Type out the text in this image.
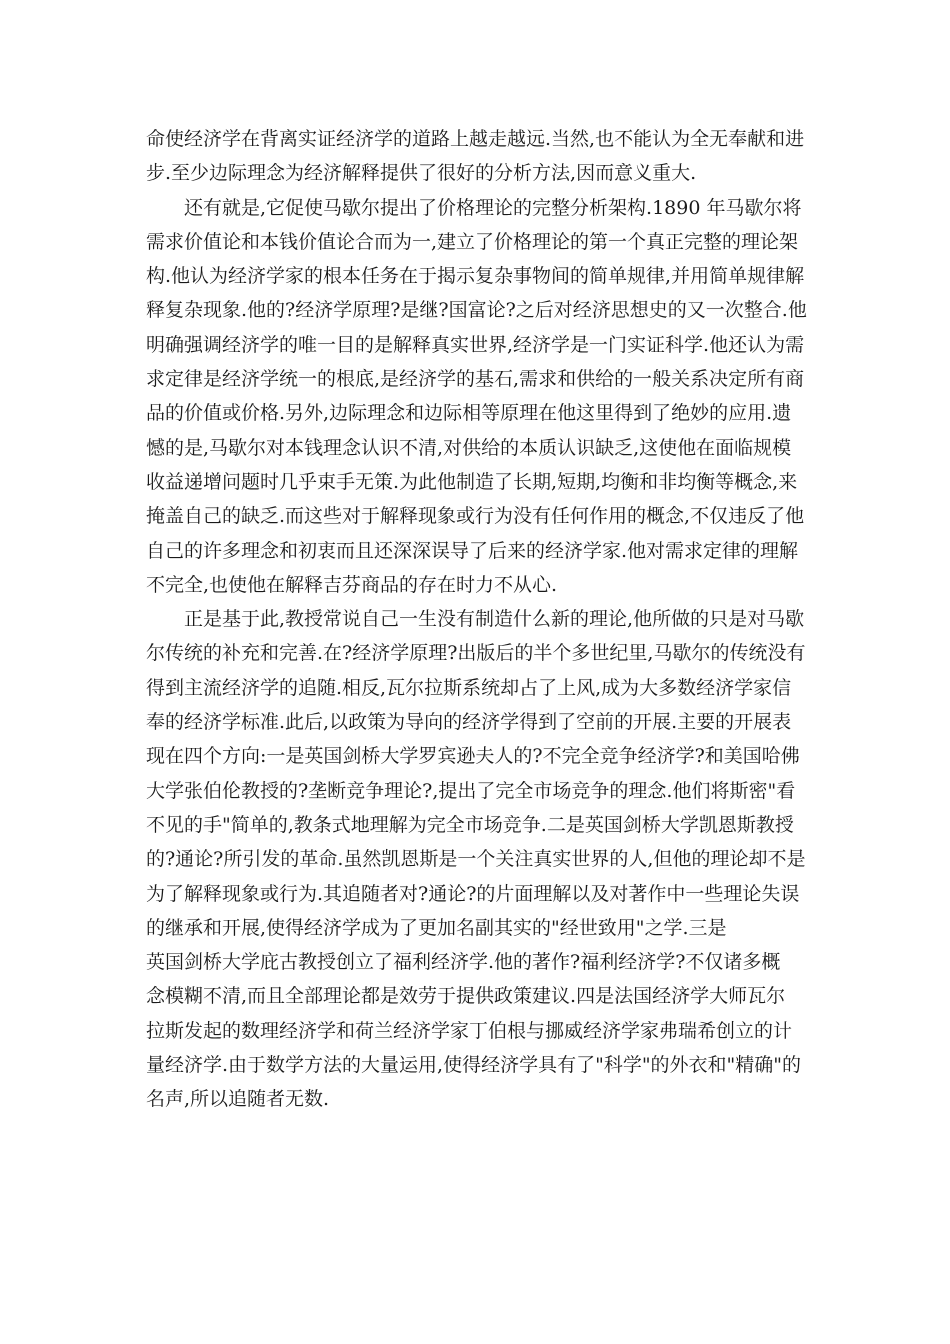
命使经济学在背离实证经济学的道路上越走越远.当然,也不能认为全无奉献和进
步.至少边际理念为经济解释提供了很好的分析方法,因而意义重大.
还有就是,它促使马歇尔提出了价格理论的完整分析架构.1890 年马歇尔将
需求价值论和本钱价值论合而为一,建立了价格理论的第一个真正完整的理论架
构.他认为经济学家的根本任务在于揭示复杂事物间的简单规律,并用简单规律解
释复杂现象.他的?经济学原理?是继?国富论?之后对经济思想史的又一次整合.他
明确强调经济学的唯一目的是解释真实世界,经济学是一门实证科学.他还认为需
求定律是经济学统一的根底,是经济学的基石,需求和供给的一般关系决定所有商
品的价值或价格.另外,边际理念和边际相等原理在他这里得到了绝妙的应用.遗
憾的是,马歇尔对本钱理念认识不清,对供给的本质认识缺乏,这使他在面临规模
收益递增问题时几乎束手无策.为此他制造了长期,短期,均衡和非均衡等概念,来
掩盖自己的缺乏.而这些对于解释现象或行为没有任何作用的概念,不仅违反了他
自己的许多理念和初衷而且还深深误导了后来的经济学家.他对需求定律的理解
不完全,也使他在解释吉芬商品的存在时力不从心.
正是基于此,教授常说自己一生没有制造什么新的理论,他所做的只是对马歇
尔传统的补充和完善.在?经济学原理?出版后的半个多世纪里,马歇尔的传统没有
得到主流经济学的追随.相反,瓦尔拉斯系统却占了上风,成为大多数经济学家信
奉的经济学标准.此后,以政策为导向的经济学得到了空前的开展.主要的开展表
现在四个方向:一是英国剑桥大学罗宾逊夫人的?不完全竞争经济学?和美国哈佛
大学张伯伦教授的?垄断竞争理论?,提出了完全市场竞争的理念.他们将斯密"看
不见的手"简单的,教条式地理解为完全市场竞争.二是英国剑桥大学凯恩斯教授
的?通论?所引发的革命.虽然凯恩斯是一个关注真实世界的人,但他的理论却不是
为了解释现象或行为.其追随者对?通论?的片面理解以及对著作中一些理论失误
的继承和开展,使得经济学成为了更加名副其实的"经世致用"之学.三是
英国剑桥大学庇古教授创立了福利经济学.他的著作?福利经济学?不仅诸多概
念模糊不清,而且全部理论都是效劳于提供政策建议.四是法国经济学大师瓦尔
拉斯发起的数理经济学和荷兰经济学家丁伯根与挪威经济学家弗瑞希创立的计
量经济学.由于数学方法的大量运用,使得经济学具有了"科学"的外衣和"精确"的
名声,所以追随者无数.
